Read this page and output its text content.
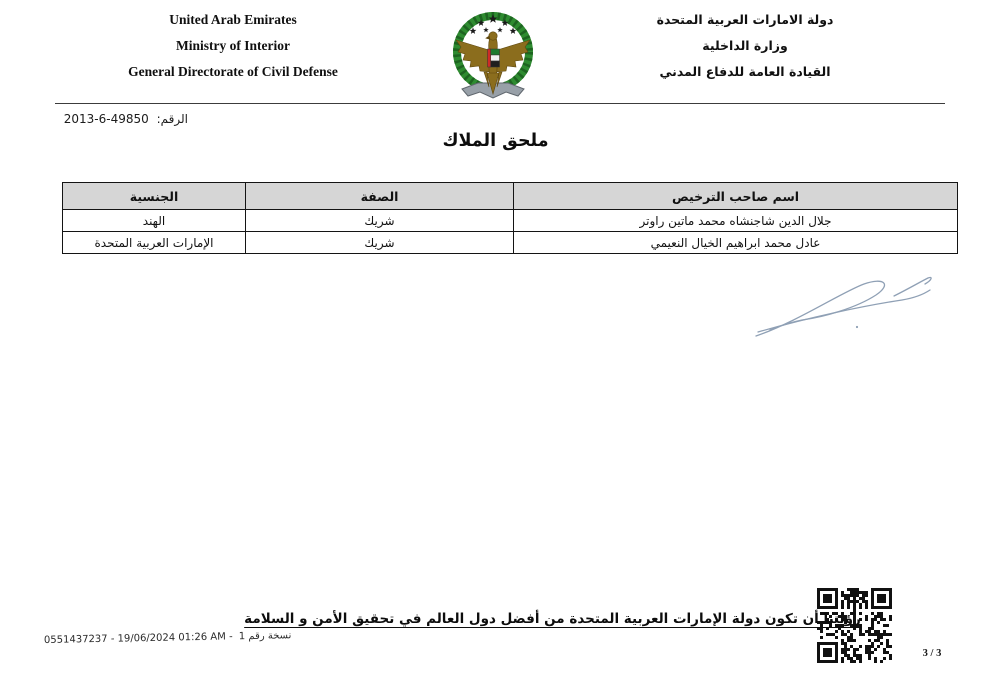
United Arab Emirates
Ministry of Interior
General Directorate of Civil Defense
دولة الامارات العربية المتحدة
وزارة الداخلية
القيادة العامة للدفاع المدني
الرقم: 49850-6-2013
ملحق الملاك
اسم صاحب الترخيص	الصفة	الجنسية
جلال الدين شاجنشاه محمد ماتين راوتر	شريك	الهند
عادل محمد ابراهيم الخيال النعيمي	شريك	الإمارات العربية المتحدة
رؤيتنا أن تكون دولة الإمارات العربية المتحدة من أفضل دول العالم في تحقيق الأمن و السلامة
0551437237 - 19/06/2024 01:26 AM - نسخة رقم 1
3 / 3
